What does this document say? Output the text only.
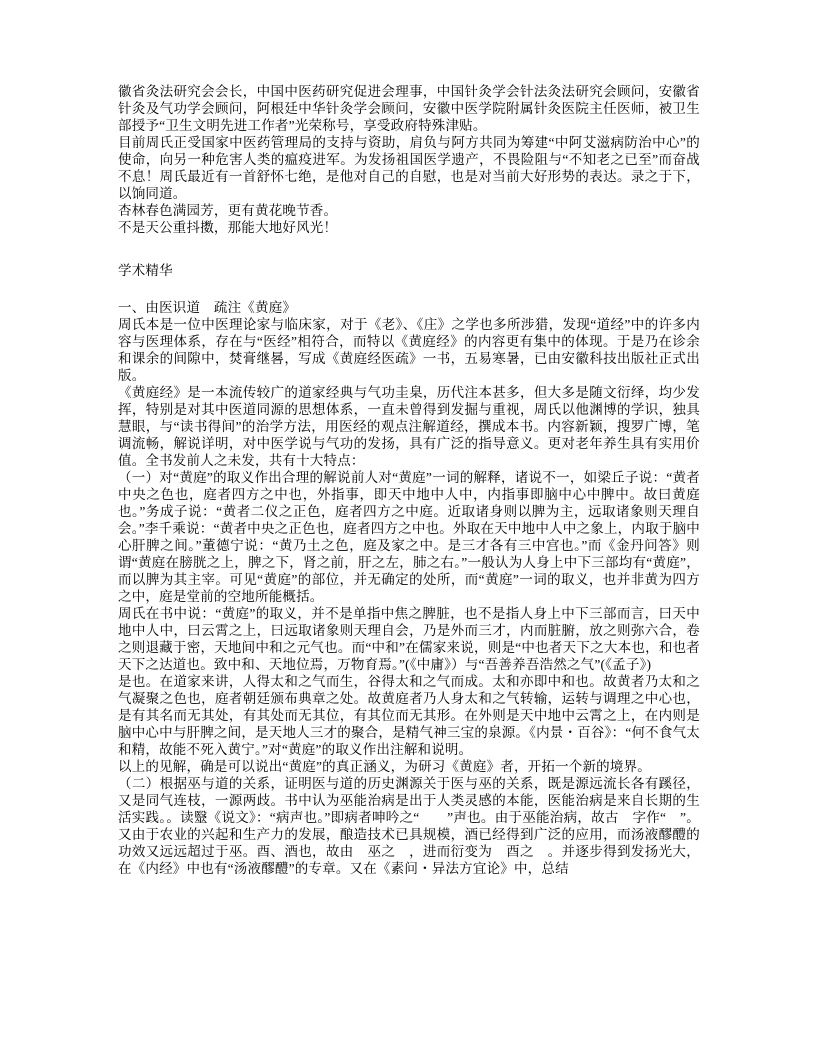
徽省灸法研究会会长，中国中医药研究促进会理事，中国针灸学会针法灸法研究会顾问，安徽省针灸及气功学会顾问，阿根廷中华针灸学会顾问，安徽中医学院附属针灸医院主任医师，被卫生部授予“卫生文明先进工作者”光荣称号，享受政府特殊津贴。

目前周氏正受国家中医药管理局的支持与资助，肩负与阿方共同为筹建“中阿艾滋病防治中心”的使命，向另一种危害人类的瘟疫进军。为发扬祖国医学遗产，不畏险阻与“不知老之已至”而奋战不息！周氏最近有一首舒怀七绝，是他对自己的自慰，也是对当前大好形势的表达。录之于下，以饷同道。

杏林春色满园芳，更有黄花晚节香。

不是天公重抖擞，那能大地好风光！

学术精华

一、由医识道　疏注《黄庭》

周氏本是一位中医理论家与临床家，对于《老》、《庄》之学也多所涉猎，发现“道经”中的许多内容与医理体系，存在与“医经”相符合，而特以《黄庭经》的内容更有集中的体现。于是乃在诊余和课余的间隙中，焚膏继晷，写成《黄庭经医疏》一书，五易寒暑，已由安徽科技出版社正式出版。

《黄庭经》是一本流传较广的道家经典与气功圭臬，历代注本甚多，但大多是随文衍绎，均少发挥，特别是对其中医道同源的思想体系，一直未曾得到发掘与重视，周氏以他渊博的学识，独具慧眼，与“读书得间”的治学方法，用医经的观点注解道经，撰成本书。内容新颖，搜罗广博，笔调流畅，解说详明，对中医学说与气功的发扬，具有广泛的指导意义。更对老年养生具有实用价值。全书发前人之未发，共有十大特点：

（一）对“黄庭”的取义作出合理的解说前人对“黄庭”一词的解释，诸说不一，如梁丘子说：“黄者中央之色也，庭者四方之中也，外指事，即天中地中人中，内指事即脑中心中脾中。故曰黄庭也。”务成子说：“黄者二仪之正色，庭者四方之中庭。近取诸身则以脾为主，远取诸象则天理自会。”李千乘说：“黄者中央之正色也，庭者四方之中也。外取在天中地中人中之象上，内取于脑中心肝脾之间。”董德宁说：“黄乃土之色，庭及家之中。是三才各有三中宫也。”而《金丹问答》则谓“黄庭在膀胱之上，脾之下，肾之前，肝之左，肺之右。”一般认为人身上中下三部均有“黄庭”，而以脾为其主宰。可见“黄庭”的部位，并无确定的处所，而“黄庭”一词的取义，也并非黄为四方之中，庭是堂前的空地所能概括。

周氏在书中说：“黄庭”的取义，并不是单指中焦之脾脏，也不是指人身上中下三部而言，曰天中地中人中，曰云霄之上，曰远取诸象则天理自会，乃是外而三才，内而脏腑，放之则弥六合，卷之则退藏于密，天地间中和之元气也。而“中和”在儒家来说，则是“中也者天下之大本也，和也者天下之达道也。致中和、天地位焉，万物育焉。”(《中庸》）与“吾善养吾浩然之气”(《孟子》)

是也。在道家来讲，人得太和之气而生，谷得太和之气而成。太和亦即中和也。故黄者乃太和之气凝聚之色也，庭者朝廷颁布典章之处。故黄庭者乃人身太和之气转输，运转与调理之中心也，是有其名而无其处，有其处而无其位，有其位而无其形。在外则是天中地中云霄之上，在内则是脑中心中与肝脾之间，是天地人三才的聚合，是精气神三宝的泉源。《内景・百谷》：“何不食气太和精，故能不死入黄宁。”对“黄庭”的取义作出注解和说明。

以上的见解，确是可以说出“黄庭”的真正涵义，为研习《黄庭》者，开拓一个新的境界。

（二）根据巫与道的关系，证明医与道的历史渊源关于医与巫的关系，既是源远流长各有蹊径，又是同气连枝，一源两歧。书中认为巫能治病是出于人类灵感的本能，医能治病是来自长期的生活实践。。读毉《说文》：“病声也。”即病者呻吟之“　　”声也。由于巫能治病，故古　字作“　”。又由于农业的兴起和生产力的发展，酿造技术已具规模，酒已经得到广泛的应用，而汤液醪醴的功效又远远超过于巫。酉、酒也，故由　巫之　，进而衍变为　酉之　。并逐步得到发扬光大，在《内经》中也有“汤液醪醴”的专章。又在《素问・异法方宜论》中，总结
